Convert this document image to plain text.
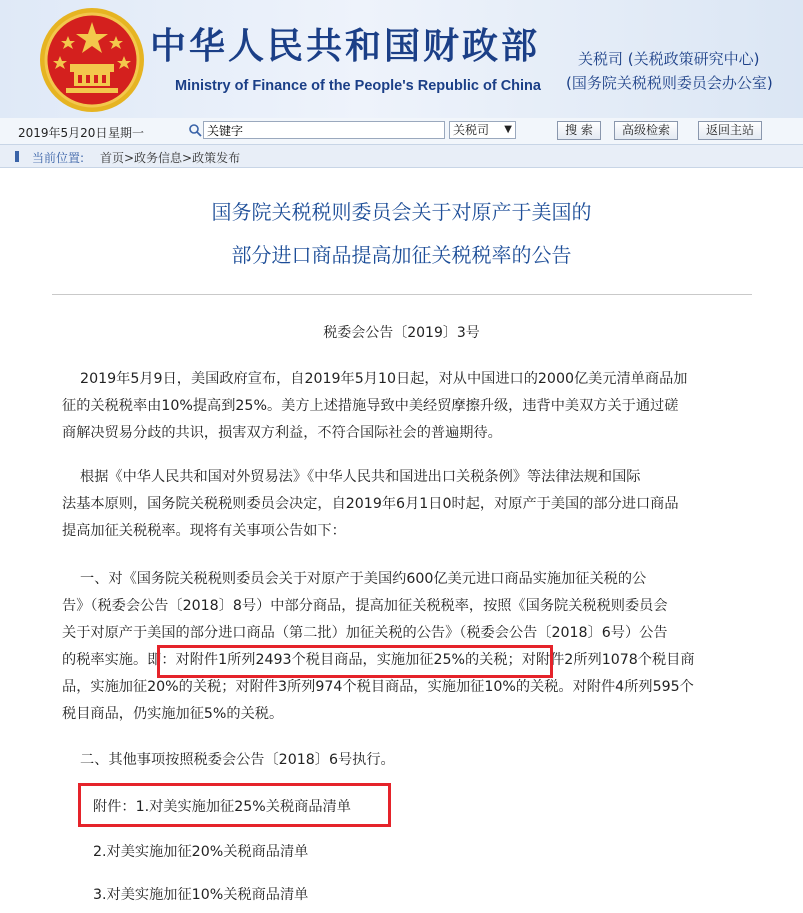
中华人民共和国财政部
Ministry of Finance of the People's Republic of China
关税司 (关税政策研究中心)
(国务院关税税则委员会办公室)
2019年5月20日 星期一
关键字	关税司 ▼	搜 索	高级检索	返回主站
当前位置: 首页>政务信息>政策发布
国务院关税税则委员会关于对原产于美国的
部分进口商品提高加征关税税率的公告
税委会公告〔2019〕3号
2019年5月9日，美国政府宣布，自2019年5月10日起，对从中国进口的2000亿美元清单商品加
征的关税税率由10%提高到25%。美方上述措施导致中美经贸摩擦升级，违背中美双方关于通过磋
商解决贸易分歧的共识，损害双方利益，不符合国际社会的普遍期待。
根据《中华人民共和国对外贸易法》《中华人民共和国进出口关税条例》等法律法规和国际
法基本原则，国务院关税税则委员会决定，自2019年6月1日0时起，对原产于美国的部分进口商品
提高加征关税税率。现将有关事项公告如下：
一、对《国务院关税税则委员会关于对原产于美国约600亿美元进口商品实施加征关税的公
告》（税委会公告〔2018〕8号）中部分商品，提高加征关税税率，按照《国务院关税税则委员会
关于对原产于美国的部分进口商品（第二批）加征关税的公告》（税委会公告〔2018〕6号）公告
的税率实施。即：对附件1所列2493个税目商品，实施加征25%的关税；对附件2所列1078个税目商
品，实施加征20%的关税；对附件3所列974个税目商品，实施加征10%的关税。对附件4所列595个
税目商品，仍实施加征5%的关税。
二、其他事项按照税委会公告〔2018〕6号执行。
附件：1.对美实施加征25%关税商品清单
2.对美实施加征20%关税商品清单
3.对美实施加征10%关税商品清单
